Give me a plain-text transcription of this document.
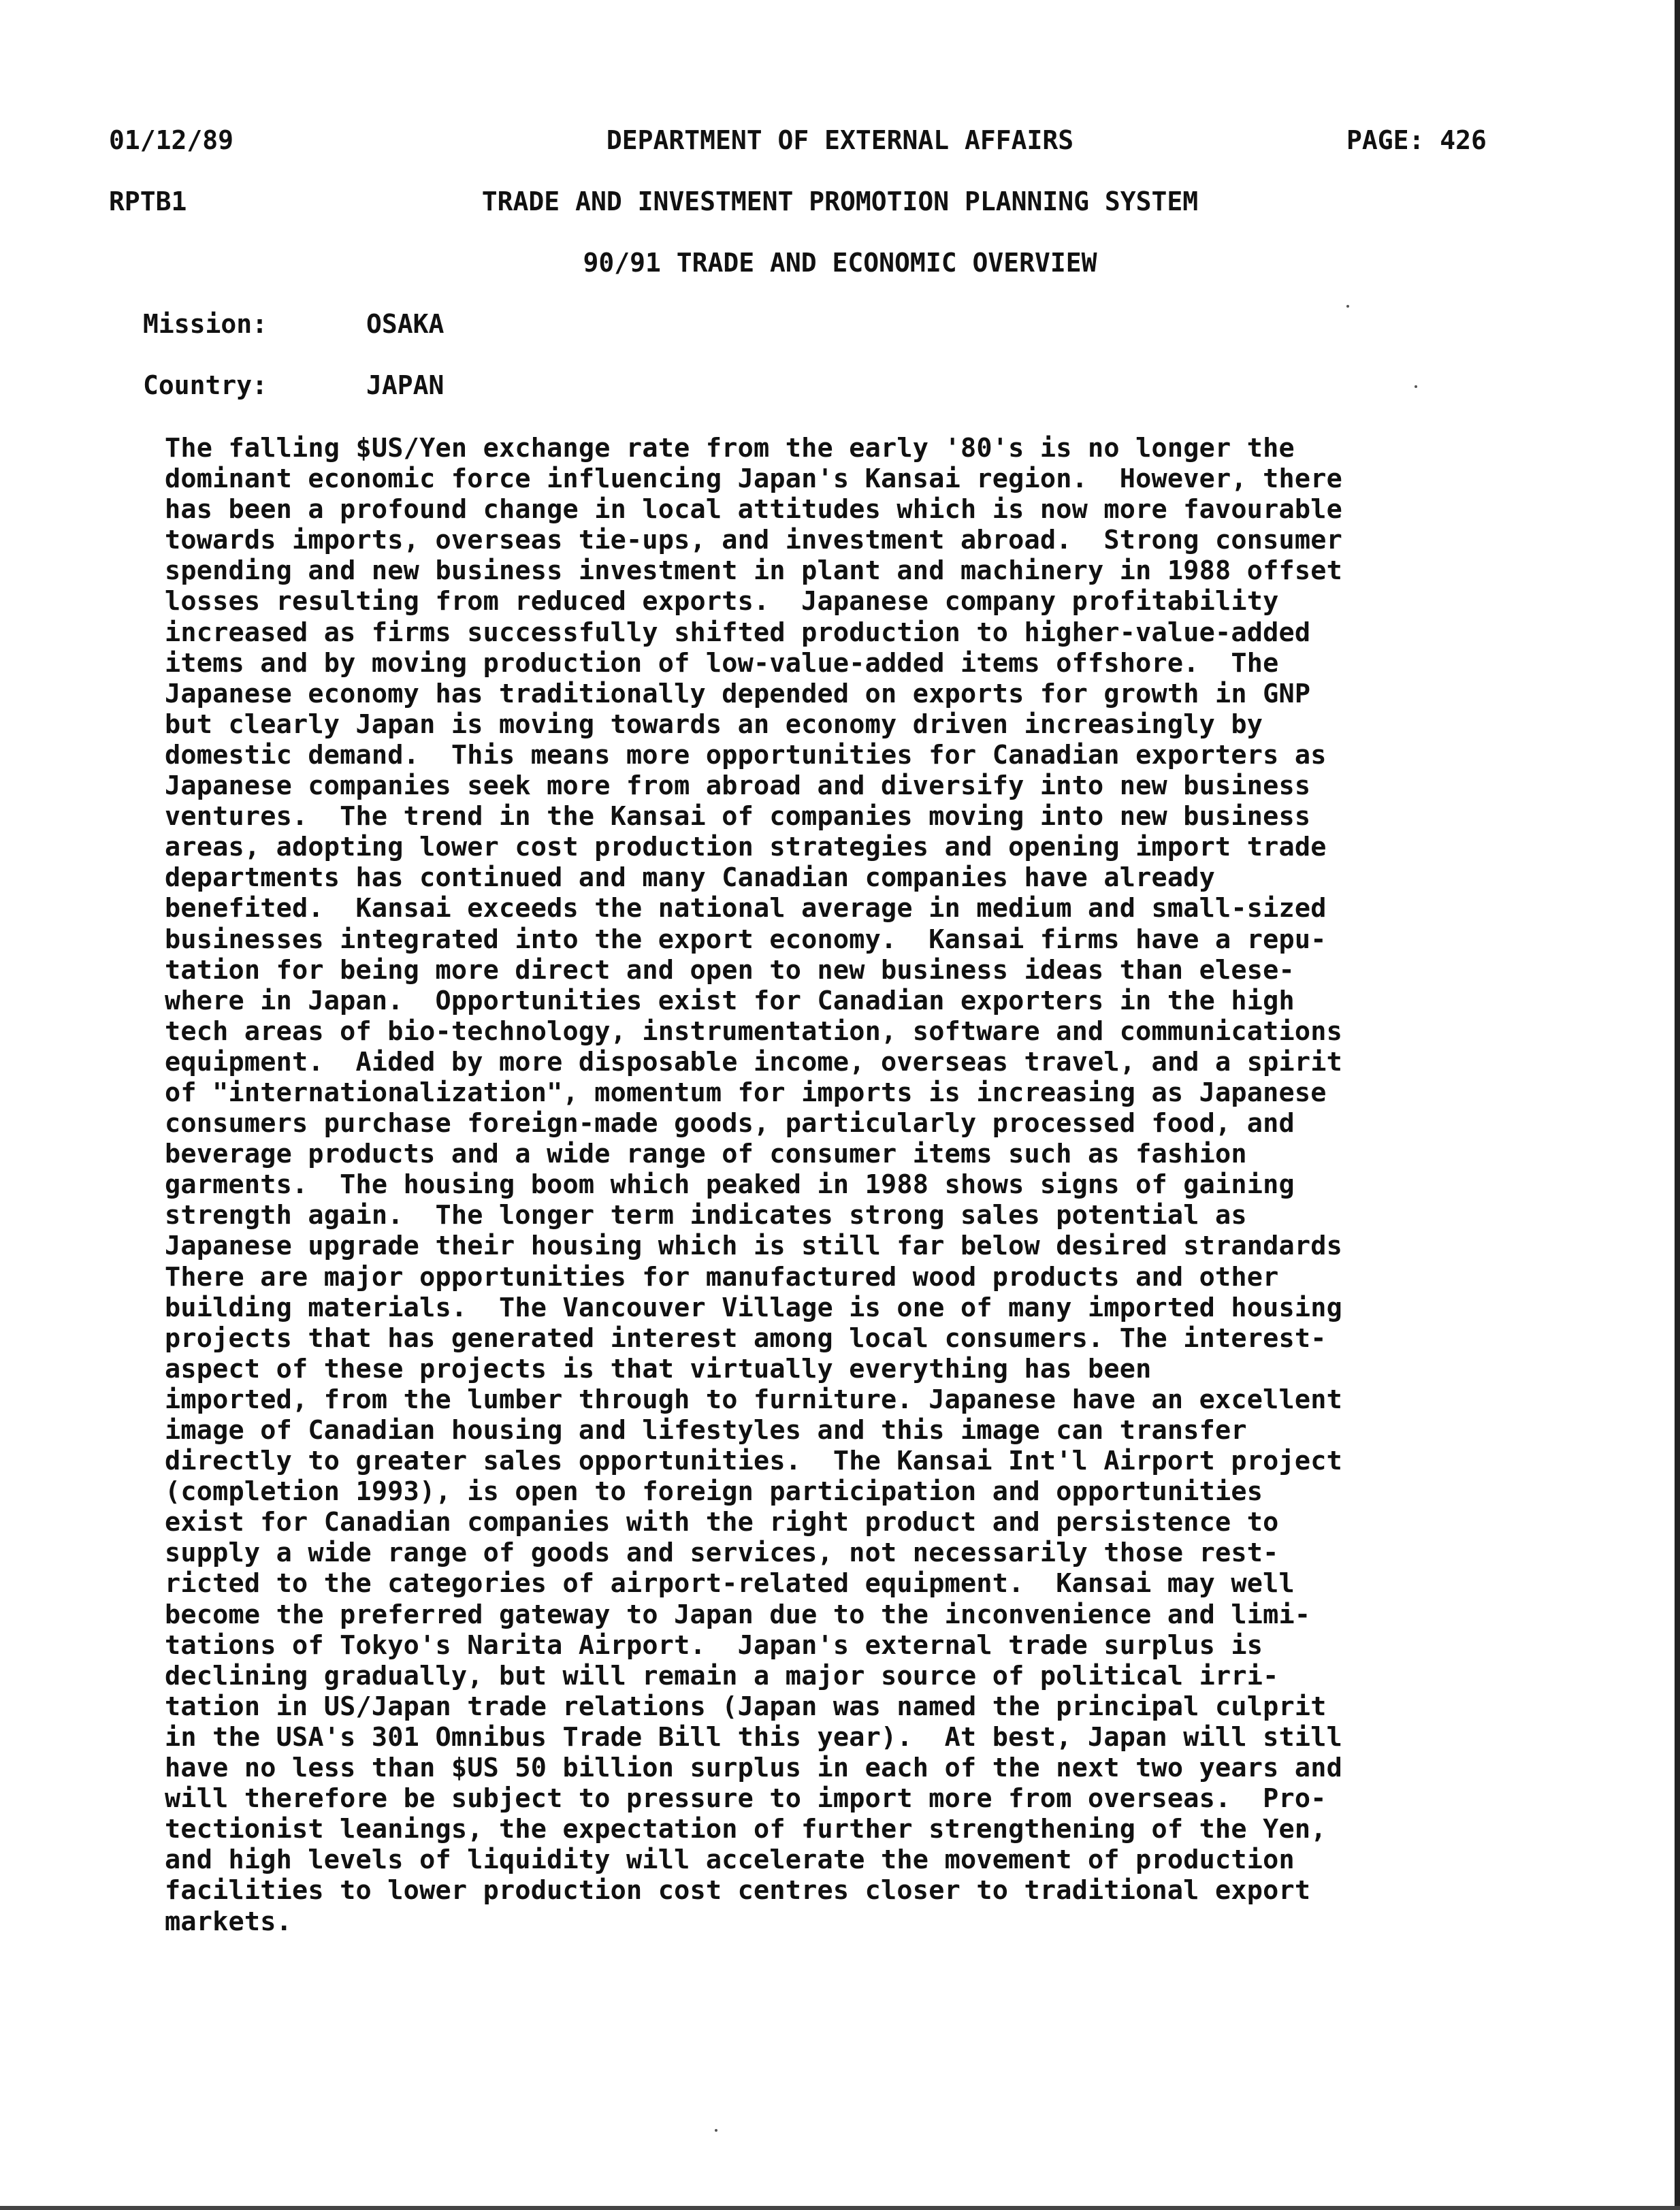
01/12/89	DEPARTMENT OF EXTERNAL AFFAIRS	PAGE: 426
RPTB1	TRADE AND INVESTMENT PROMOTION PLANNING SYSTEM
90/91 TRADE AND ECONOMIC OVERVIEW
Mission:	OSAKA
Country:	JAPAN
The falling $US/Yen exchange rate from the early '80's is no longer the
dominant economic force influencing Japan's Kansai region.  However, there
has been a profound change in local attitudes which is now more favourable
towards imports, overseas tie-ups, and investment abroad.  Strong consumer
spending and new business investment in plant and machinery in 1988 offset
losses resulting from reduced exports.  Japanese company profitability
increased as firms successfully shifted production to higher-value-added
items and by moving production of low-value-added items offshore.  The
Japanese economy has traditionally depended on exports for growth in GNP
but clearly Japan is moving towards an economy driven increasingly by
domestic demand.  This means more opportunities for Canadian exporters as
Japanese companies seek more from abroad and diversify into new business
ventures.  The trend in the Kansai of companies moving into new business
areas, adopting lower cost production strategies and opening import trade
departments has continued and many Canadian companies have already
benefited.  Kansai exceeds the national average in medium and small-sized
businesses integrated into the export economy.  Kansai firms have a repu-
tation for being more direct and open to new business ideas than elese-
where in Japan.  Opportunities exist for Canadian exporters in the high
tech areas of bio-technology, instrumentation, software and communications
equipment.  Aided by more disposable income, overseas travel, and a spirit
of "internationalization", momentum for imports is increasing as Japanese
consumers purchase foreign-made goods, particularly processed food, and
beverage products and a wide range of consumer items such as fashion
garments.  The housing boom which peaked in 1988 shows signs of gaining
strength again.  The longer term indicates strong sales potential as
Japanese upgrade their housing which is still far below desired strandards
There are major opportunities for manufactured wood products and other
building materials.  The Vancouver Village is one of many imported housing
projects that has generated interest among local consumers. The interest-
aspect of these projects is that virtually everything has been
imported, from the lumber through to furniture. Japanese have an excellent
image of Canadian housing and lifestyles and this image can transfer
directly to greater sales opportunities.  The Kansai Int'l Airport project
(completion 1993), is open to foreign participation and opportunities
exist for Canadian companies with the right product and persistence to
supply a wide range of goods and services, not necessarily those rest-
ricted to the categories of airport-related equipment.  Kansai may well
become the preferred gateway to Japan due to the inconvenience and limi-
tations of Tokyo's Narita Airport.  Japan's external trade surplus is
declining gradually, but will remain a major source of political irri-
tation in US/Japan trade relations (Japan was named the principal culprit
in the USA's 301 Omnibus Trade Bill this year).  At best, Japan will still
have no less than $US 50 billion surplus in each of the next two years and
will therefore be subject to pressure to import more from overseas.  Pro-
tectionist leanings, the expectation of further strengthening of the Yen,
and high levels of liquidity will accelerate the movement of production
facilities to lower production cost centres closer to traditional export
markets.
